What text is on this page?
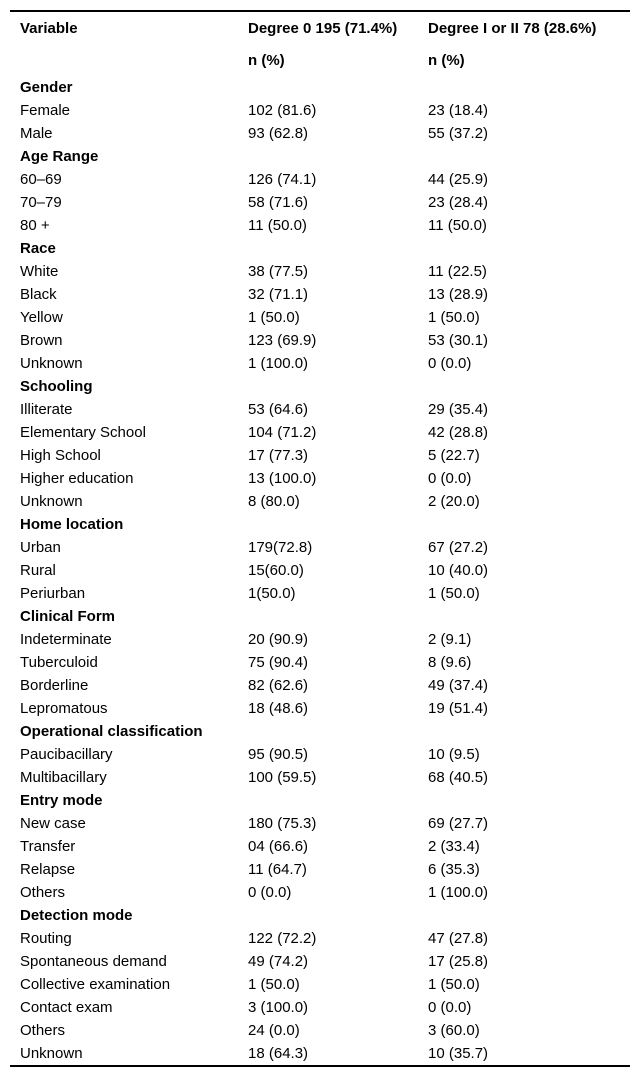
Variable	Degree 0 195 (71.4%)	Degree I or II 78 (28.6%)
	n (%)	n (%)
Gender		
Female	102 (81.6)	23 (18.4)
Male	93 (62.8)	55 (37.2)
Age Range		
60–69	126 (74.1)	44 (25.9)
70–79	58 (71.6)	23 (28.4)
80 +	11 (50.0)	11 (50.0)
Race		
White	38 (77.5)	11 (22.5)
Black	32 (71.1)	13 (28.9)
Yellow	1 (50.0)	1 (50.0)
Brown	123 (69.9)	53 (30.1)
Unknown	1 (100.0)	0 (0.0)
Schooling		
Illiterate	53 (64.6)	29 (35.4)
Elementary School	104 (71.2)	42 (28.8)
High School	17 (77.3)	5 (22.7)
Higher education	13 (100.0)	0 (0.0)
Unknown	8 (80.0)	2 (20.0)
Home location		
Urban	179(72.8)	67 (27.2)
Rural	15(60.0)	10 (40.0)
Periurban	1(50.0)	1 (50.0)
Clinical Form		
Indeterminate	20 (90.9)	2 (9.1)
Tuberculoid	75 (90.4)	8 (9.6)
Borderline	82 (62.6)	49 (37.4)
Lepromatous	18 (48.6)	19 (51.4)
Operational classification		
Paucibacillary	95 (90.5)	10 (9.5)
Multibacillary	100 (59.5)	68 (40.5)
Entry mode		
New case	180 (75.3)	69 (27.7)
Transfer	04 (66.6)	2 (33.4)
Relapse	11 (64.7)	6 (35.3)
Others	0 (0.0)	1 (100.0)
Detection mode		
Routing	122 (72.2)	47 (27.8)
Spontaneous demand	49 (74.2)	17 (25.8)
Collective examination	1 (50.0)	1 (50.0)
Contact exam	3 (100.0)	0 (0.0)
Others	24 (0.0)	3 (60.0)
Unknown	18 (64.3)	10 (35.7)
